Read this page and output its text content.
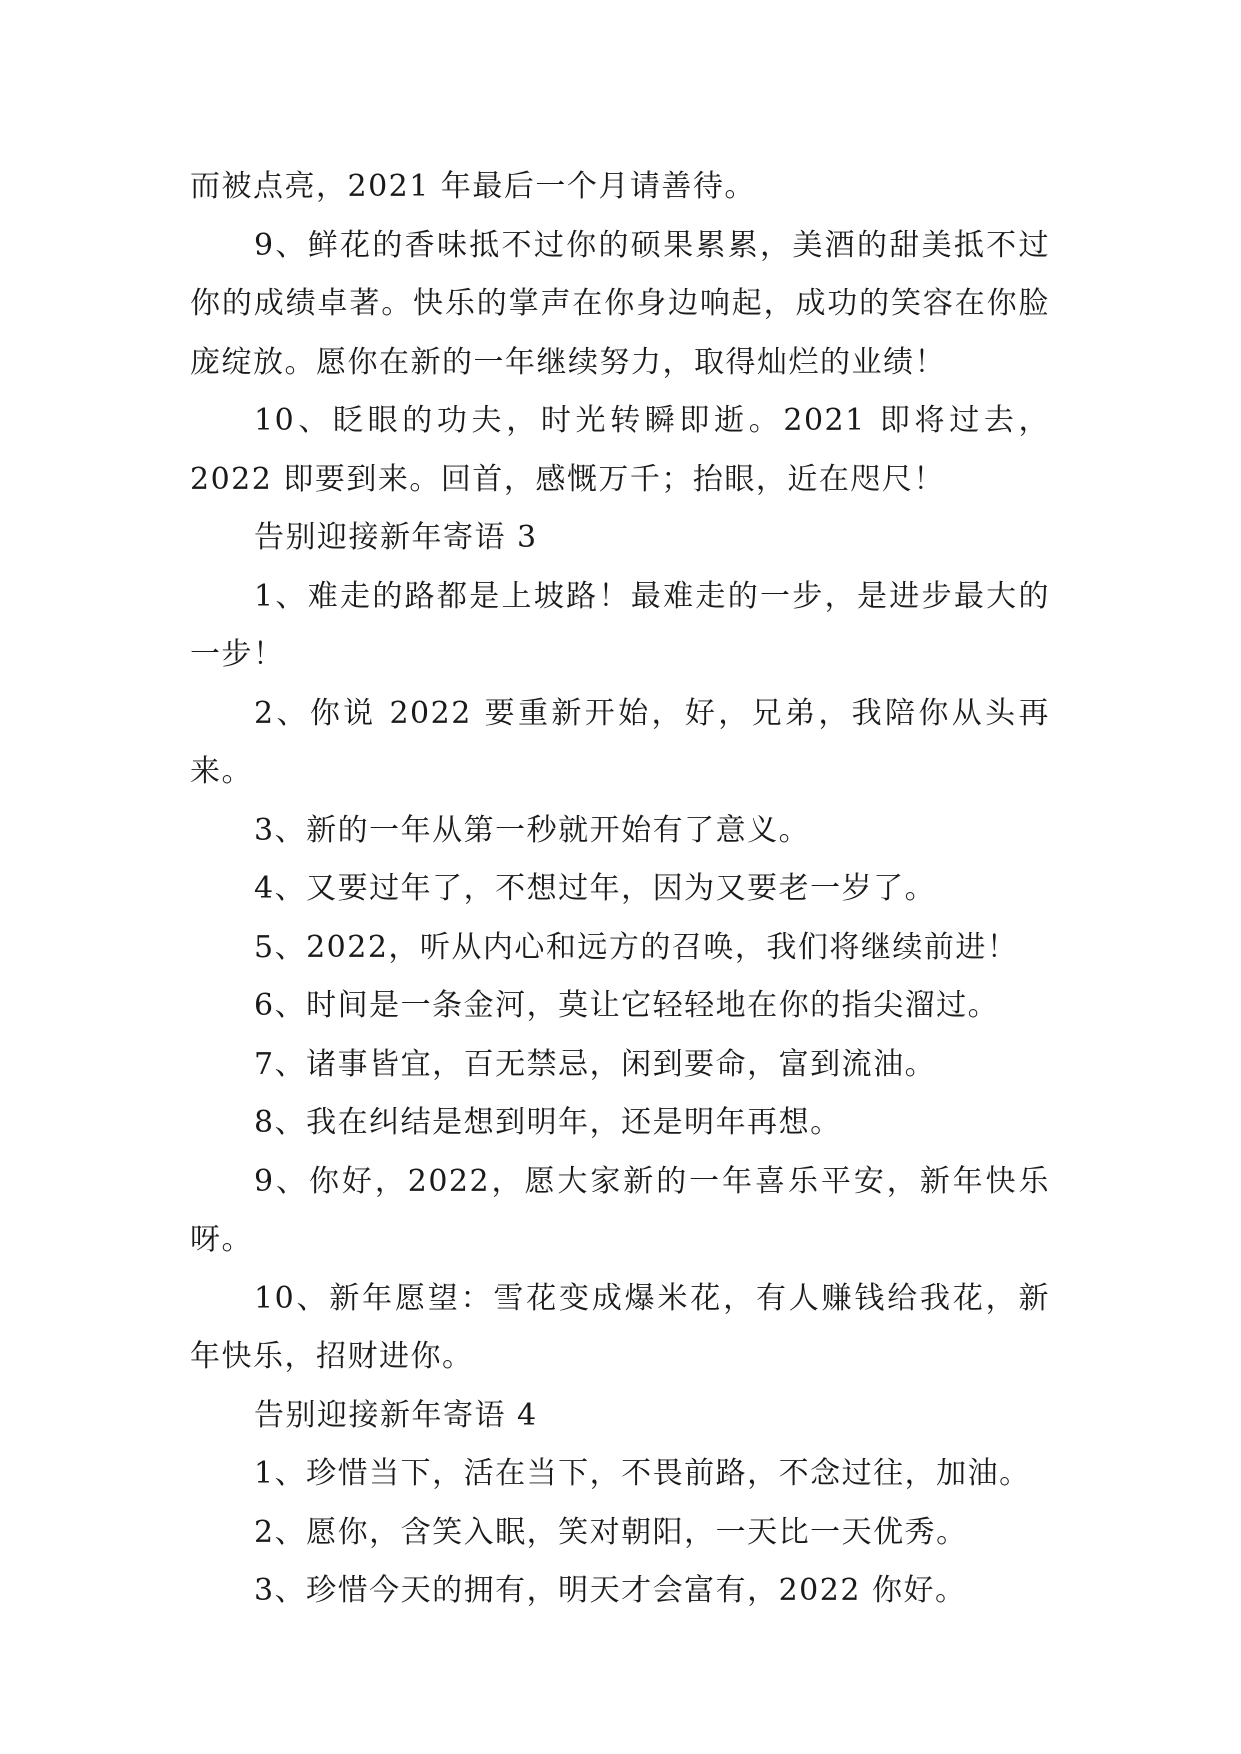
而被点亮，2021 年最后一个月请善待。

9、鲜花的香味抵不过你的硕果累累，美酒的甜美抵不过你的成绩卓著。快乐的掌声在你身边响起，成功的笑容在你脸庞绽放。愿你在新的一年继续努力，取得灿烂的业绩！

10、眨眼的功夫，时光转瞬即逝。2021 即将过去，2022 即要到来。回首，感慨万千；抬眼，近在咫尺！

告别迎接新年寄语 3

1、难走的路都是上坡路！最难走的一步，是进步最大的一步！

2、你说 2022 要重新开始，好，兄弟，我陪你从头再来。

3、新的一年从第一秒就开始有了意义。

4、又要过年了，不想过年，因为又要老一岁了。

5、2022，听从内心和远方的召唤，我们将继续前进！

6、时间是一条金河，莫让它轻轻地在你的指尖溜过。

7、诸事皆宜，百无禁忌，闲到要命，富到流油。

8、我在纠结是想到明年，还是明年再想。

9、你好，2022，愿大家新的一年喜乐平安，新年快乐呀。

10、新年愿望：雪花变成爆米花，有人赚钱给我花，新年快乐，招财进你。

告别迎接新年寄语 4

1、珍惜当下，活在当下，不畏前路，不念过往，加油。

2、愿你，含笑入眠，笑对朝阳，一天比一天优秀。

3、珍惜今天的拥有，明天才会富有，2022 你好。
